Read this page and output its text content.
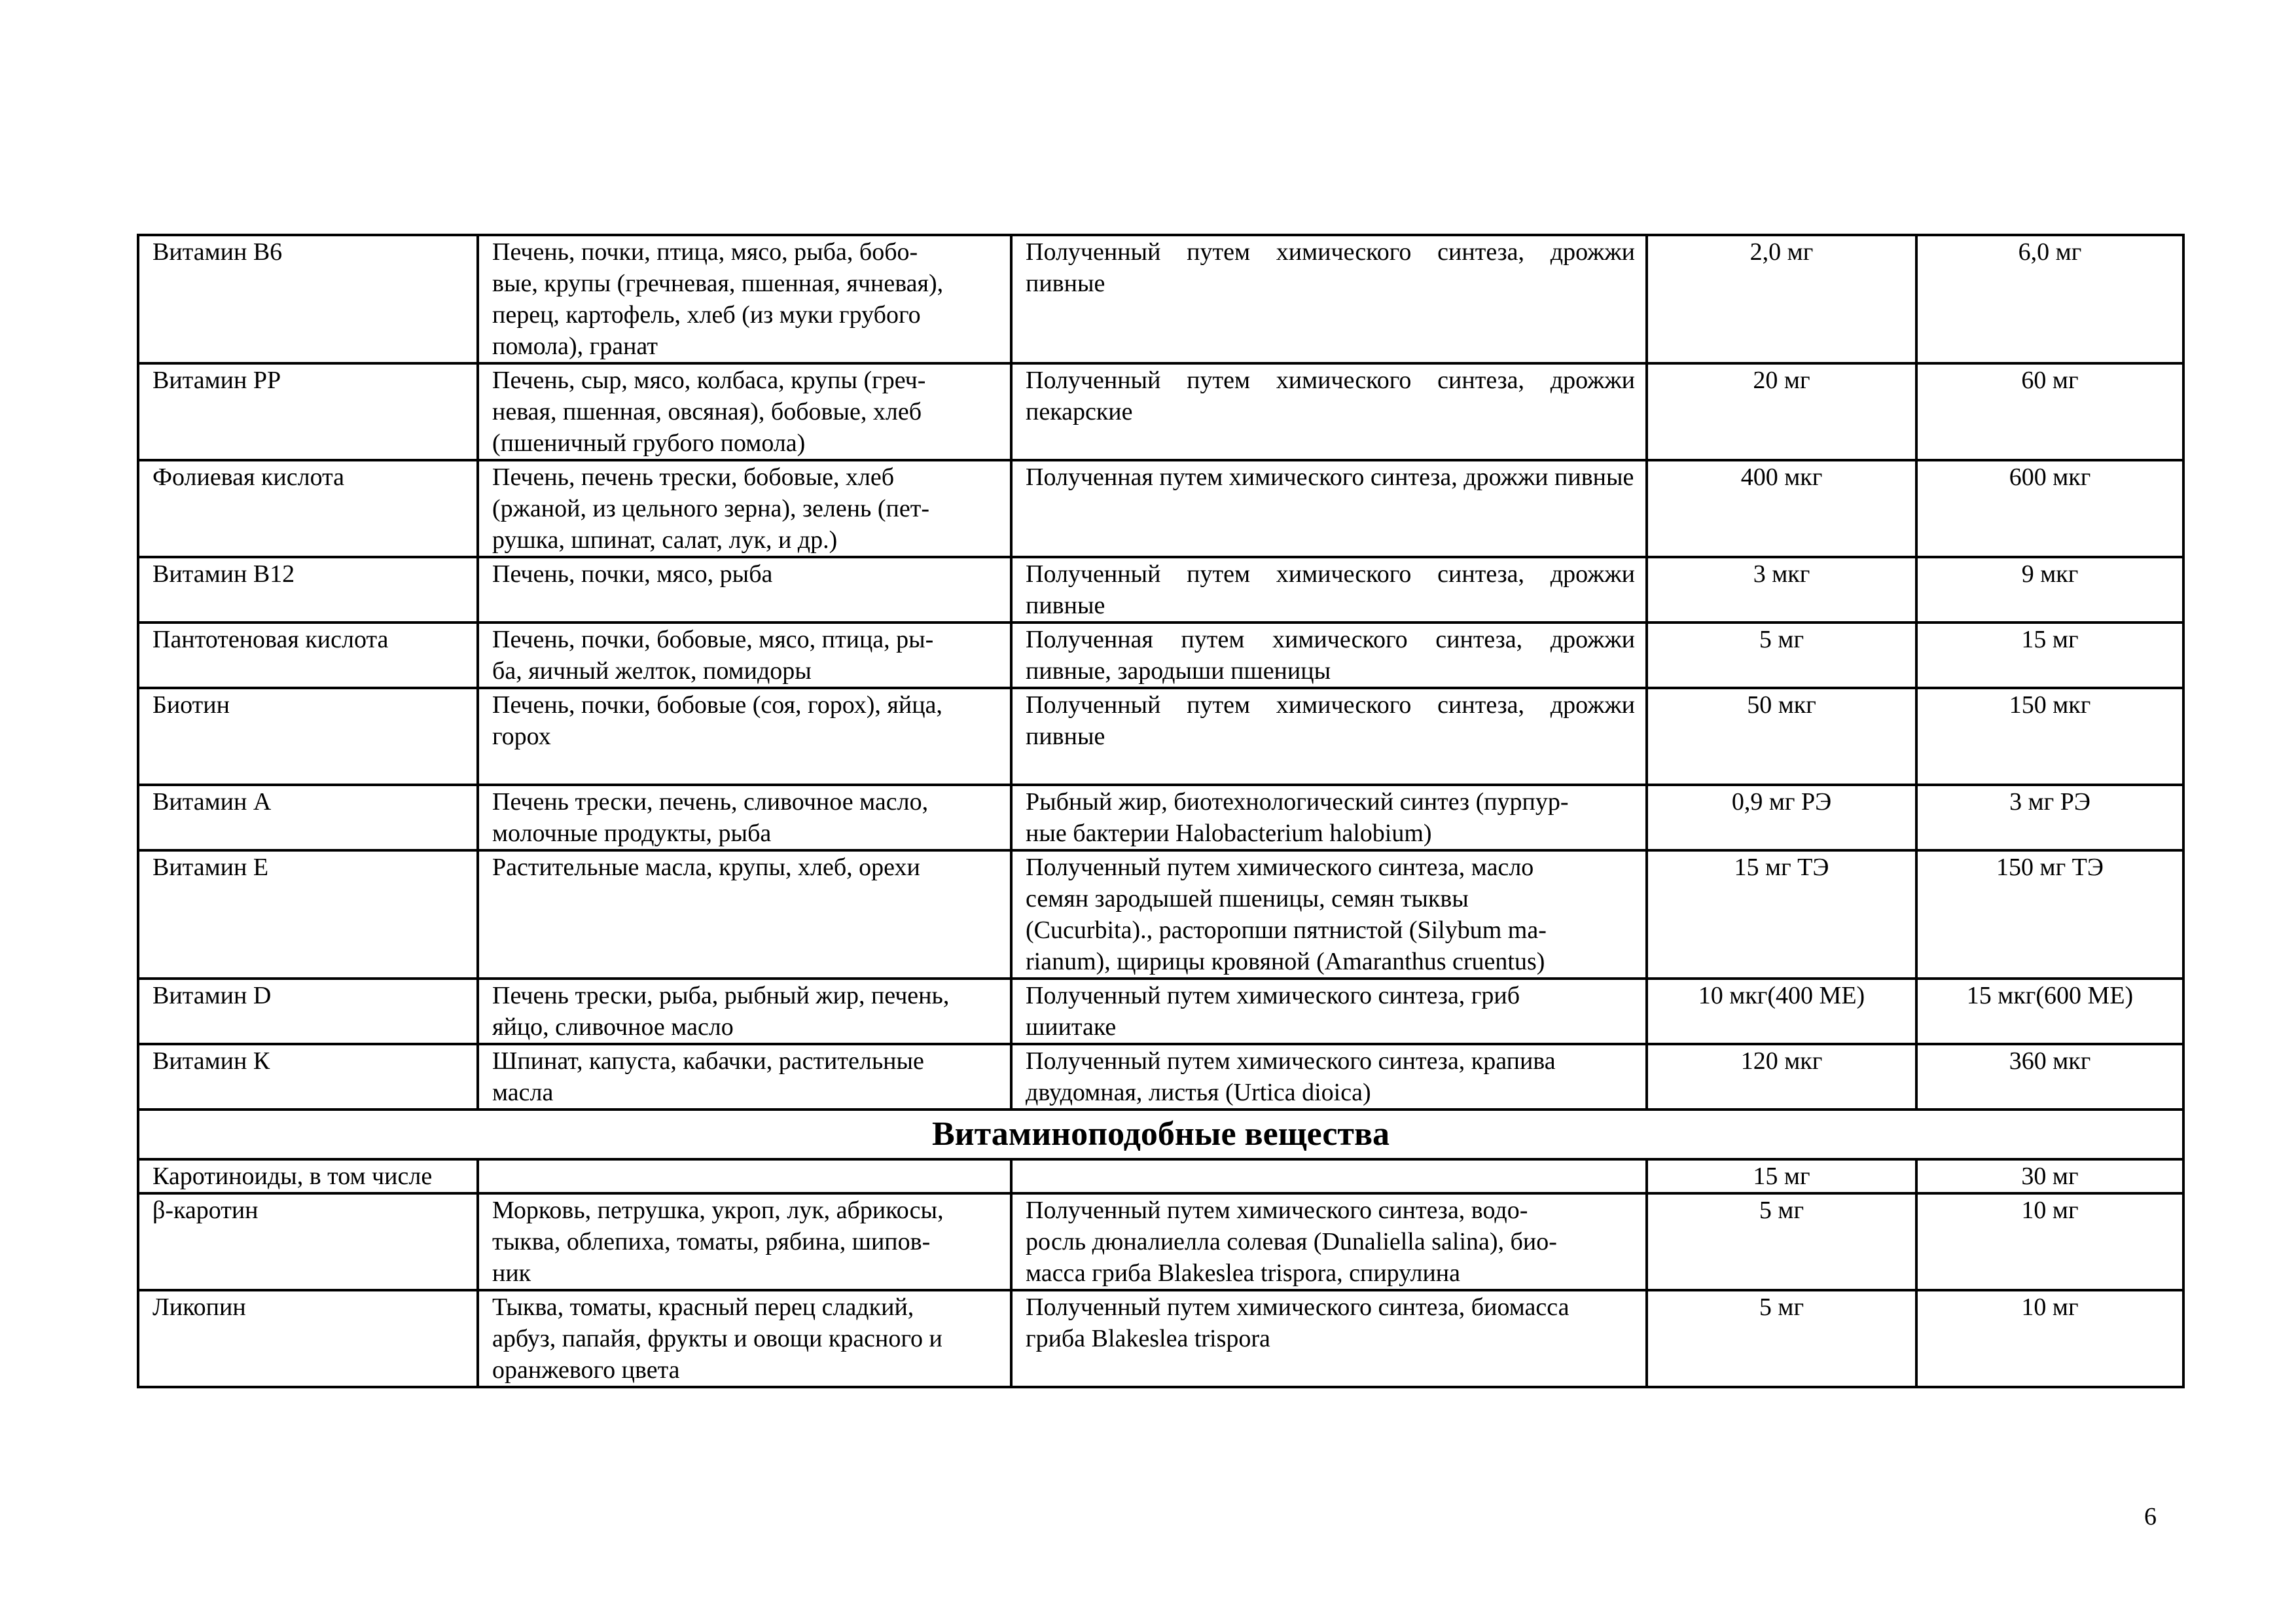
Витамин В6	Печень, почки, птица, мясо, рыба, бобо-
вые, крупы (гречневая, пшенная, ячневая),
перец, картофель, хлеб (из муки грубого
помола), гранат	Полученный путем химического синтеза, дрожжи пивные	2,0 мг	6,0 мг
Витамин РР	Печень, сыр, мясо, колбаса, крупы (греч-
невая, пшенная, овсяная), бобовые, хлеб
(пшеничный грубого помола)	Полученный путем химического синтеза, дрожжи пекарские	20 мг	60 мг
Фолиевая кислота	Печень, печень трески, бобовые, хлеб
(ржаной, из цельного зерна), зелень (пет-
рушка, шпинат, салат, лук, и др.)	Полученная путем химического синтеза, дрожжи пивные	400 мкг	600 мкг
Витамин В12	Печень, почки, мясо, рыба	Полученный путем химического синтеза, дрожжи пивные	3 мкг	9 мкг
Пантотеновая кислота	Печень, почки, бобовые, мясо, птица, ры-
ба, яичный желток, помидоры	Полученная путем химического синтеза, дрожжи пивные, зародыши пшеницы	5 мг	15 мг
Биотин	Печень, почки, бобовые (соя, горох), яйца,
горох	Полученный путем химического синтеза, дрожжи пивные	50 мкг	150 мкг
Витамин А	Печень трески, печень, сливочное масло,
молочные продукты, рыба	Рыбный жир, биотехнологический синтез (пурпур-
ные бактерии Halobacterium halobium)	0,9 мг РЭ	3 мг РЭ
Витамин Е	Растительные масла, крупы, хлеб, орехи	Полученный путем химического синтеза, масло
семян зародышей пшеницы, семян тыквы
(Cucurbita)., расторопши пятнистой (Silybum ma-
rianum), щирицы кровяной (Amaranthus cruentus)	15 мг ТЭ	150 мг ТЭ
Витамин D	Печень трески, рыба, рыбный жир, печень,
яйцо, сливочное масло	Полученный путем химического синтеза, гриб
шиитаке	10 мкг(400 МЕ)	15 мкг(600 МЕ)
Витамин К	Шпинат, капуста, кабачки, растительные
масла	Полученный путем химического синтеза, крапива
двудомная, листья (Urtica dioica)	120 мкг	360 мкг
Витаминоподобные вещества				
Каротиноиды, в том числе			15 мг	30 мг
β-каротин	Морковь, петрушка, укроп, лук, абрикосы,
тыква, облепиха, томаты, рябина, шипов-
ник	Полученный путем химического синтеза, водо-
росль дюналиелла солевая (Dunaliella salina), био-
масса гриба Blakeslea trispora, спирулина	5 мг	10 мг
Ликопин	Тыква, томаты, красный перец сладкий,
арбуз, папайя, фрукты и овощи красного и
оранжевого цвета	Полученный путем химического синтеза, биомасса
гриба Blakeslea trispora	5 мг	10 мг
6
